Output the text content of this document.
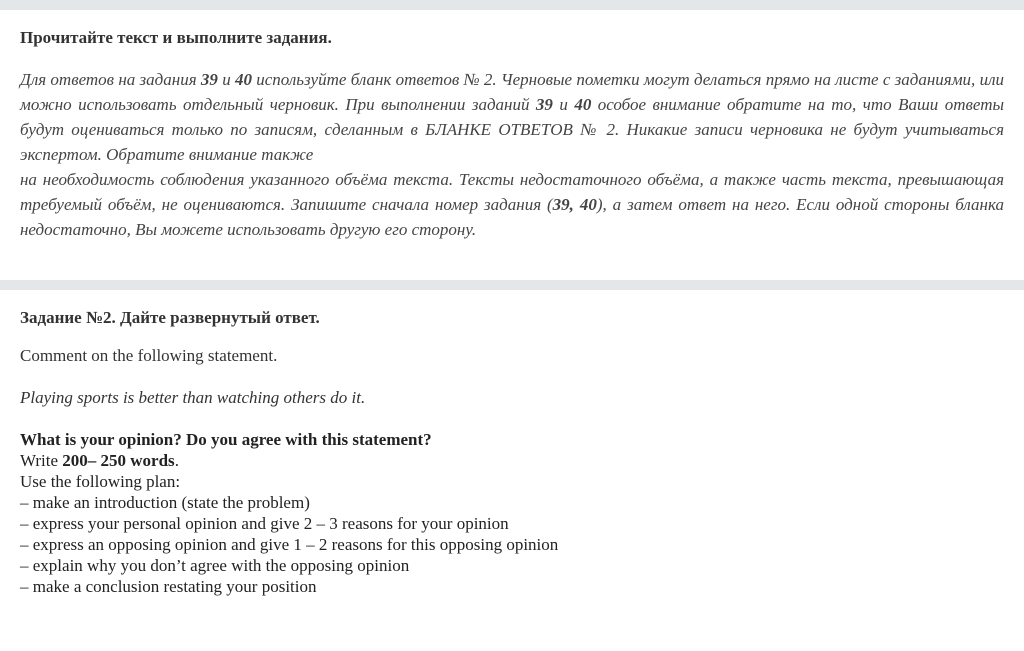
Прочитайте текст и выполните задания.

Для ответов на задания 39 и 40 используйте бланк ответов № 2. Черновые пометки могут делаться прямо на листе с заданиями, или можно использовать отдельный черновик. При выполнении заданий 39 и 40 особое внимание обратите на то, что Ваши ответы будут оцениваться только по записям, сделанным в БЛАНКЕ ОТВЕТОВ № 2. Никакие записи черновика не будут учитываться экспертом. Обратите внимание также
на необходимость соблюдения указанного объёма текста. Тексты недостаточного объёма, а также часть текста, превышающая требуемый объём, не оцениваются. Запишите сначала номер задания (39, 40), а затем ответ на него. Если одной стороны бланка недостаточно, Вы можете использовать другую его сторону.

Задание №2. Дайте развернутый ответ.

Comment on the following statement.
Playing sports is better than watching others do it.
What is your opinion? Do you agree with this statement?
Write 200– 250 words.
Use the following plan:
– make an introduction (state the problem)
– express your personal opinion and give 2 – 3 reasons for your opinion
– express an opposing opinion and give 1 – 2 reasons for this opposing opinion
– explain why you don’t agree with the opposing opinion
– make a conclusion restating your position
